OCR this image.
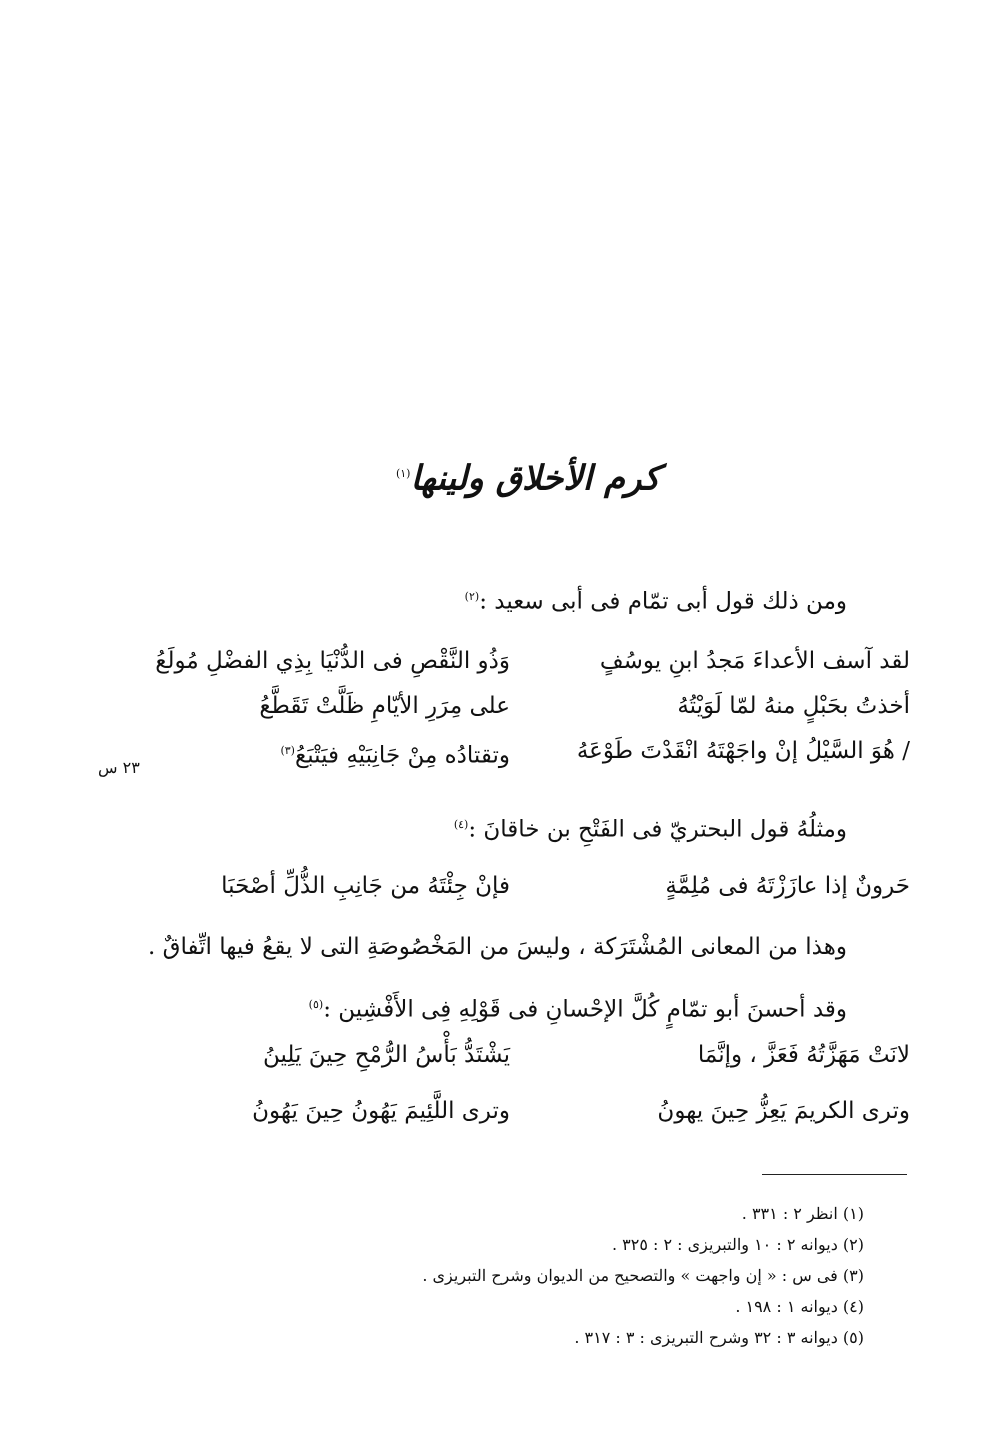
كرم الأخلاق ولينها$^{(١)}$
ومن ذلك قول أبى تمّام فى أبى سعيد :$^{(٢)}$
لقد آسف الأعداءَ مَجدُ ابنِ يوسُفٍ
وَذُو النَّقْصِ فى الدُّنْيَا بِذِي الفضْلِ مُولَعُ
أخذتُ بحَبْلٍ منهُ لمّا لَوَيْتُهُ
على مِرَرِ الأيّامِ ظَلَّتْ تَقَطَّعُ
/ هُوَ السَّيْلُ إنْ واجَهْتَهُ انْقَدْتَ طَوْعَهُ
وتقتادُه مِنْ جَانِبَيْهِ فيَتْبَعُ$^{(٣)}$
٢٣ س
ومثلُهُ قول البحتريّ فى الفَتْحِ بن خاقانَ :$^{(٤)}$
حَرونٌ إذا عازَزْتَهُ فى مُلِمَّةٍ
فإنْ جِئْتَهُ من جَانِبِ الذُّلِّ أصْحَبَا
وهذا من المعانى المُشْتَرَكة ، وليسَ من المَخْصُوصَةِ التى لا يقعُ فيها اتِّفاقٌ .
وقد أحسنَ أبو تمّامٍ كُلَّ الإحْسانِ فى قَوْلِهِ فِى الأَفْشِين :$^{(٥)}$
لانَتْ مَهَزَّتُهُ فَعَزَّ ، وإنَّمَا
يَشْتَدُّ بَأْسُ الرُّمْحِ حِينَ يَلِينُ
وترى الكريمَ يَعِزُّ حِينَ يهونُ
وترى اللَّئِيمَ يَهُونُ حِينَ يَهُونُ
(١) انظر ٢ : ٣٣١ .
(٢) ديوانه ٢ : ١٠ والتبريزى : ٢ : ٣٢٥ .
(٣) فى س : « إن واجهت » والتصحيح من الديوان وشرح التبريزى .
(٤) ديوانه ١ : ١٩٨ .
(٥) ديوانه ٣ : ٣٢ وشرح التبريزى : ٣ : ٣١٧ .
